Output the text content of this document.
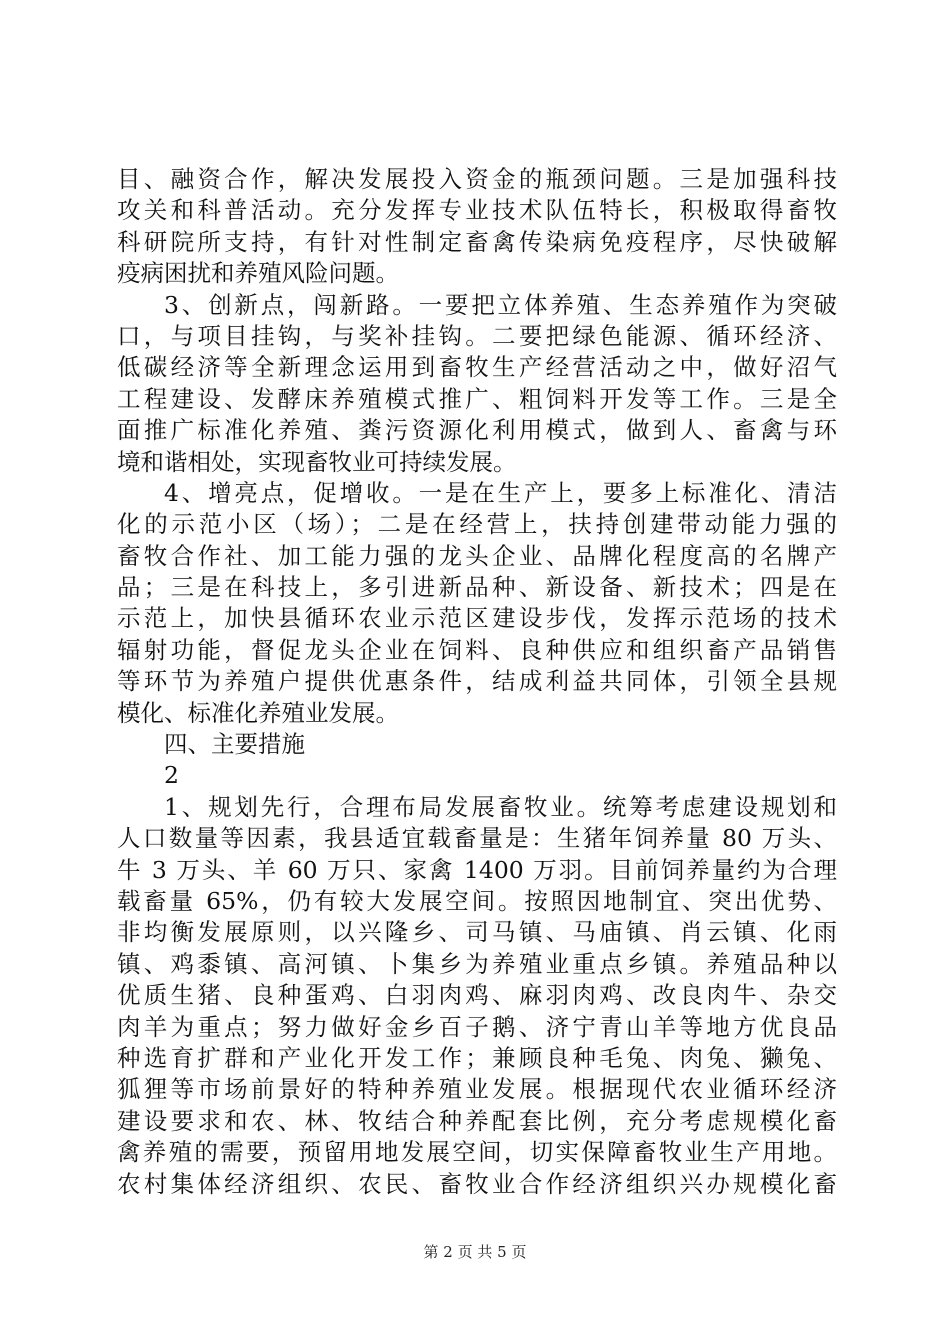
目、融资合作，解决发展投入资金的瓶颈问题。三是加强科技
攻关和科普活动。充分发挥专业技术队伍特长，积极取得畜牧
科研院所支持，有针对性制定畜禽传染病免疫程序，尽快破解
疫病困扰和养殖风险问题。
3、创新点，闯新路。一要把立体养殖、生态养殖作为突破
口，与项目挂钩，与奖补挂钩。二要把绿色能源、循环经济、
低碳经济等全新理念运用到畜牧生产经营活动之中，做好沼气
工程建设、发酵床养殖模式推广、粗饲料开发等工作。三是全
面推广标准化养殖、粪污资源化利用模式，做到人、畜禽与环
境和谐相处，实现畜牧业可持续发展。
4、增亮点，促增收。一是在生产上，要多上标准化、清洁
化的示范小区（场）；二是在经营上，扶持创建带动能力强的
畜牧合作社、加工能力强的龙头企业、品牌化程度高的名牌产
品；三是在科技上，多引进新品种、新设备、新技术；四是在
示范上，加快县循环农业示范区建设步伐，发挥示范场的技术
辐射功能，督促龙头企业在饲料、良种供应和组织畜产品销售
等环节为养殖户提供优惠条件，结成利益共同体，引领全县规
模化、标准化养殖业发展。
四、主要措施
2
1、规划先行，合理布局发展畜牧业。统筹考虑建设规划和
人口数量等因素，我县适宜载畜量是：生猪年饲养量 80 万头、
牛 3 万头、羊 60 万只、家禽 1400 万羽。目前饲养量约为合理
载畜量 65%，仍有较大发展空间。按照因地制宜、突出优势、
非均衡发展原则，以兴隆乡、司马镇、马庙镇、肖云镇、化雨
镇、鸡黍镇、高河镇、卜集乡为养殖业重点乡镇。养殖品种以
优质生猪、良种蛋鸡、白羽肉鸡、麻羽肉鸡、改良肉牛、杂交
肉羊为重点；努力做好金乡百子鹅、济宁青山羊等地方优良品
种选育扩群和产业化开发工作；兼顾良种毛兔、肉兔、獭兔、
狐狸等市场前景好的特种养殖业发展。根据现代农业循环经济
建设要求和农、林、牧结合种养配套比例，充分考虑规模化畜
禽养殖的需要，预留用地发展空间，切实保障畜牧业生产用地。
农村集体经济组织、农民、畜牧业合作经济组织兴办规模化畜
第 2 页 共 5 页
